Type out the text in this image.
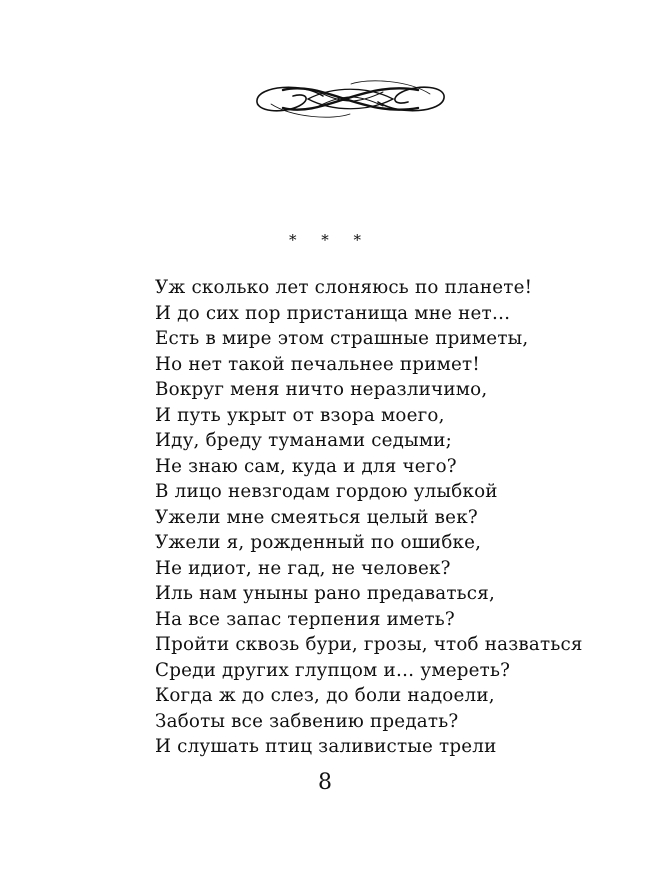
* * *
Уж сколько лет слоняюсь по планете!
И до сих пор пристанища мне нет…
Есть в мире этом страшные приметы,
Но нет такой печальнее примет!
Вокруг меня ничто неразличимо,
И путь укрыт от взора моего,
Иду, бреду туманами седыми;
Не знаю сам, куда и для чего?
В лицо невзгодам гордою улыбкой
Ужели мне смеяться целый век?
Ужели я, рожденный по ошибке,
Не идиот, не гад, не человек?
Иль нам уныны рано предаваться,
На все запас терпения иметь?
Пройти сквозь бури, грозы, чтоб назваться
Среди других глупцом и… умереть?
Когда ж до слез, до боли надоели,
Заботы все забвению предать?
И слушать птиц заливистые трели
8
